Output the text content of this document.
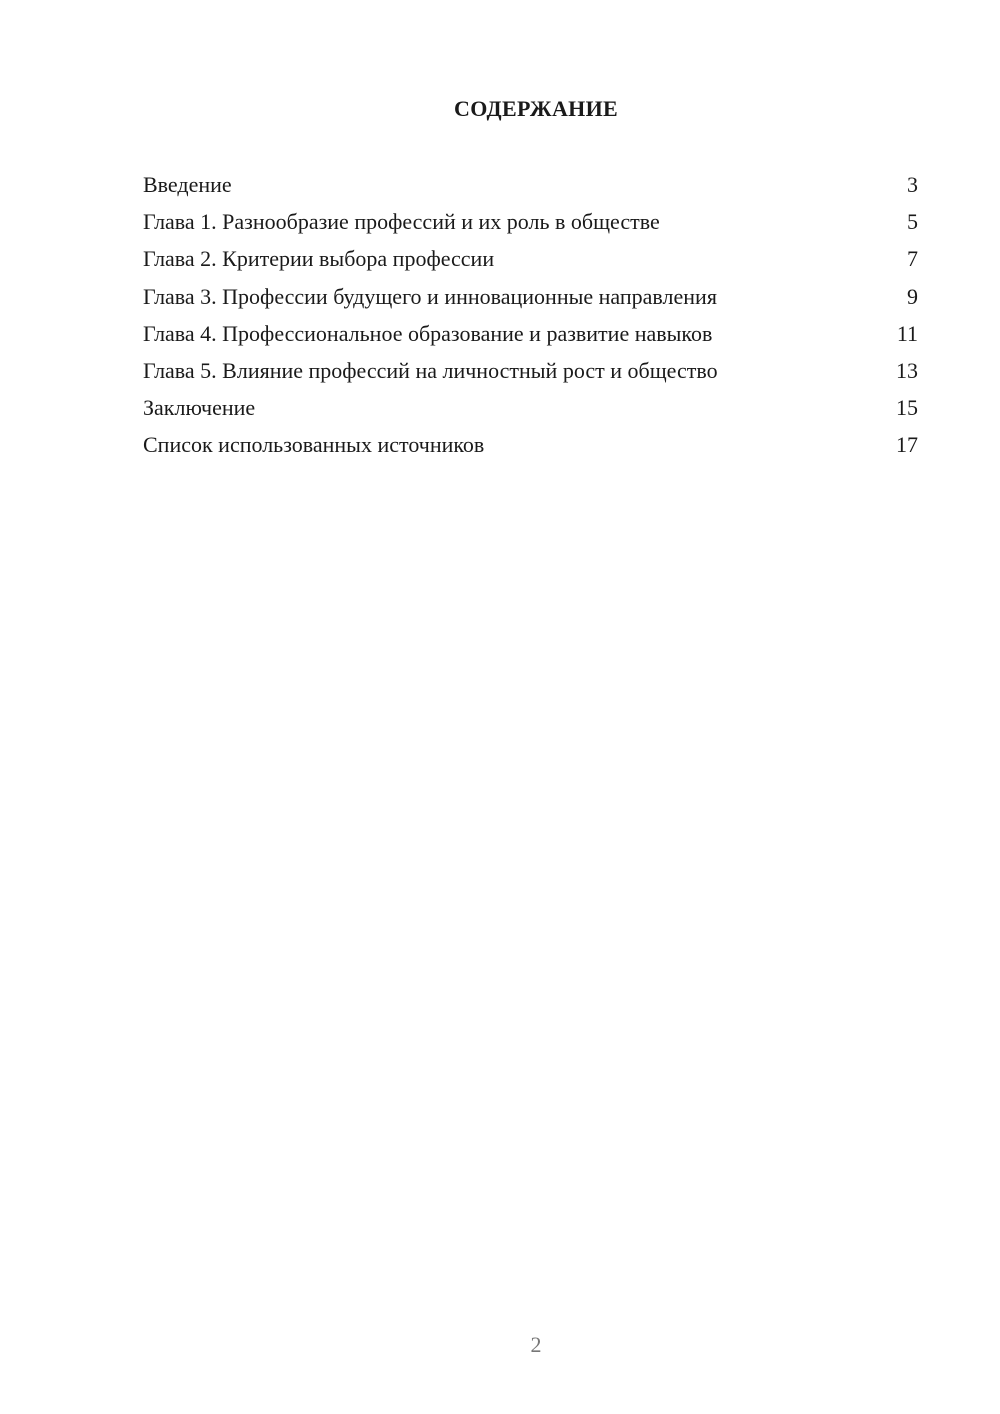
СОДЕРЖАНИЕ
Введение	3
Глава 1. Разнообразие профессий и их роль в обществе	5
Глава 2. Критерии выбора профессии	7
Глава 3. Профессии будущего и инновационные направления	9
Глава 4. Профессиональное образование и развитие навыков	11
Глава 5. Влияние профессий на личностный рост и общество	13
Заключение	15
Список использованных источников	17
2
